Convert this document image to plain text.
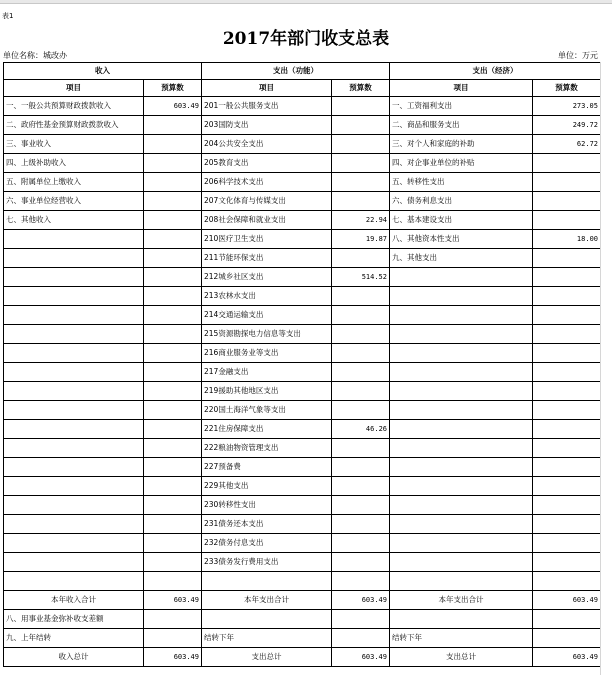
表1
2017年部门收支总表
单位名称：城改办	单位：万元
收入		支出（功能）		支出（经济）	
项目	预算数	项目	预算数	项目	预算数
一、一般公共预算财政拨款收入	603.49	201一般公共服务支出		一、工资福利支出	273.05
二、政府性基金预算财政拨款收入		203国防支出		二、商品和服务支出	249.72
三、事业收入		204公共安全支出		三、对个人和家庭的补助	62.72
四、上级补助收入		205教育支出		四、对企事业单位的补贴	
五、附属单位上缴收入		206科学技术支出		五、转移性支出	
六、事业单位经营收入		207文化体育与传媒支出		六、债务利息支出	
七、其他收入		208社会保障和就业支出	22.94	七、基本建设支出	
		210医疗卫生支出	19.87	八、其他资本性支出	18.00
		211节能环保支出		九、其他支出	
		212城乡社区支出	514.52		
		213农林水支出			
		214交通运输支出			
		215资源勘探电力信息等支出			
		216商业服务业等支出			
		217金融支出			
		219援助其他地区支出			
		220国土海洋气象等支出			
		221住房保障支出	46.26		
		222粮油物资管理支出			
		227预备费			
		229其他支出			
		230转移性支出			
		231债务还本支出			
		232债务付息支出			
		233债务发行费用支出			

本年收入合计	603.49	本年支出合计	603.49	本年支出合计	603.49
八、用事业基金弥补收支差额					
九、上年结转		结转下年		结转下年	
收入总计	603.49	支出总计	603.49	支出总计	603.49
